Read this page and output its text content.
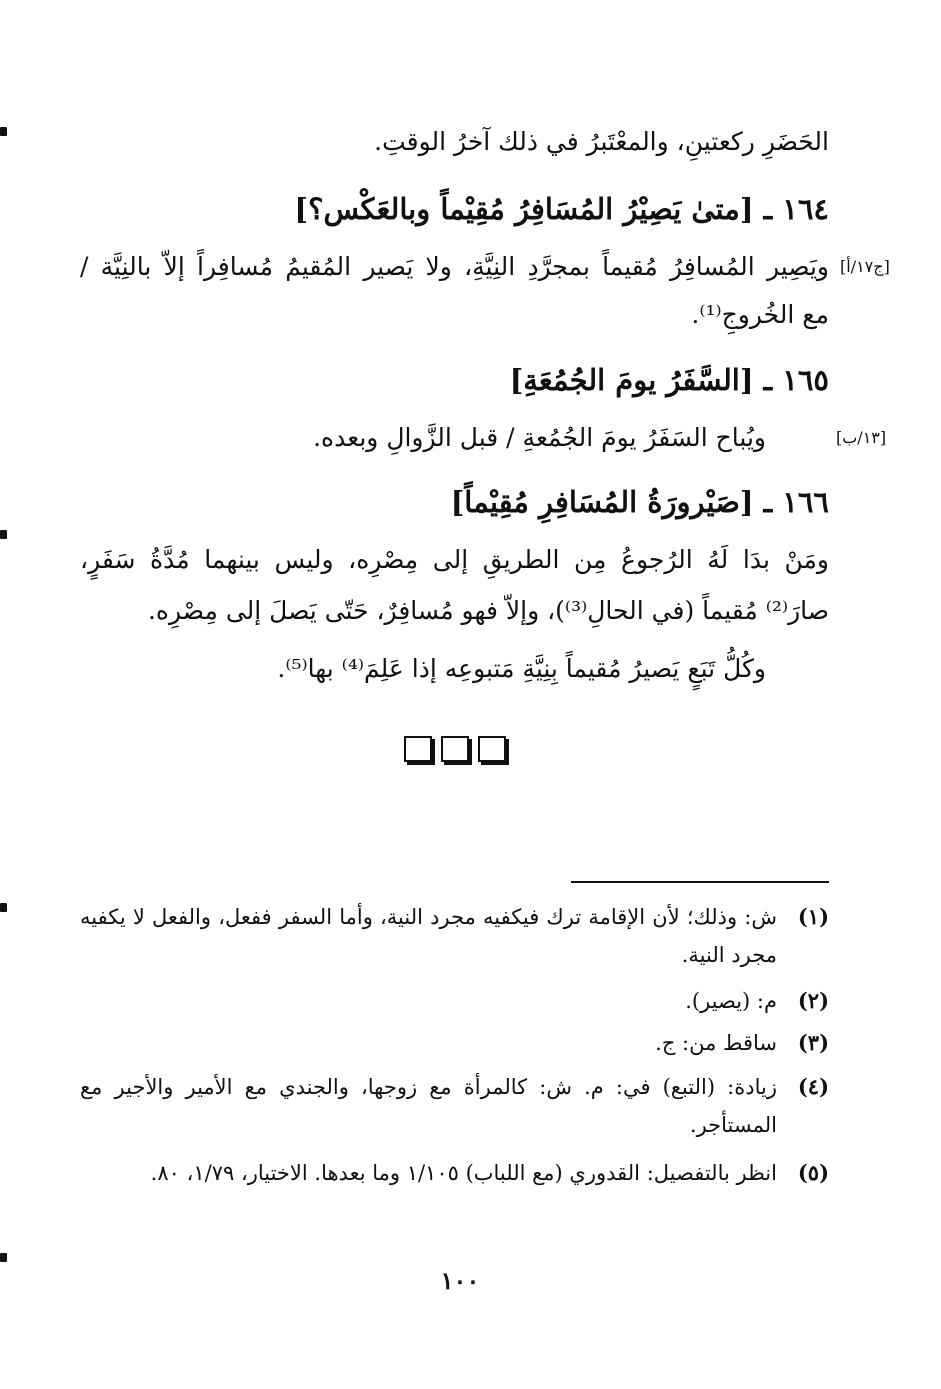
الحَضَرِ ركعتينِ، والمعْتَبرُ في ذلك آخرُ الوقتِ.
١٦٤ ـ [متىٰ يَصِيْرُ المُسَافِرُ مُقِيْماً وبالعَكْس؟]
[ج١٧/أ]
ويَصِير المُسافِرُ مُقيماً بمجرَّدِ النِيَّةِ، ولا يَصير المُقيمُ مُسافِراً إلاّ بالنِيَّة /
مع الخُروجِ⁽¹⁾.
١٦٥ ـ [السَّفَرُ يومَ الجُمُعَةِ]
[١٣/ب]
ويُباح السَفَرُ يومَ الجُمُعةِ / قبل الزَّوالِ وبعده.
١٦٦ ـ [صَيْرورَةُ المُسَافِرِ مُقِيْماً]
ومَنْ بدَا لَهُ الرُجوعُ مِن الطريقِ إلى مِصْرِه، وليس بينهما مُدَّةُ سَفَرٍ،
صارَ⁽²⁾ مُقيماً (في الحالِ⁽³⁾)، وإلاّ فهو مُسافِرٌ، حَتّى يَصلَ إلى مِصْرِه.
وكُلُّ تَبَعٍ يَصيرُ مُقيماً بِنِيَّةِ مَتبوعِه إذا عَلِمَ⁽⁴⁾ بها⁽⁵⁾.
(١)
ش: وذلك؛ لأن الإقامة ترك فيكفيه مجرد النية، وأما السفر ففعل، والفعل لا يكفيه مجرد النية.
(٢)
م: (يصير).
(٣)
ساقط من: ج.
(٤)
زيادة: (التبع) في: م. ش: كالمرأة مع زوجها، والجندي مع الأمير والأجير مع المستأجر.
(٥)
انظر بالتفصيل: القدوري (مع اللباب) ١/١٠٥ وما بعدها. الاختيار، ١/٧٩، ٨٠.
١٠٠
